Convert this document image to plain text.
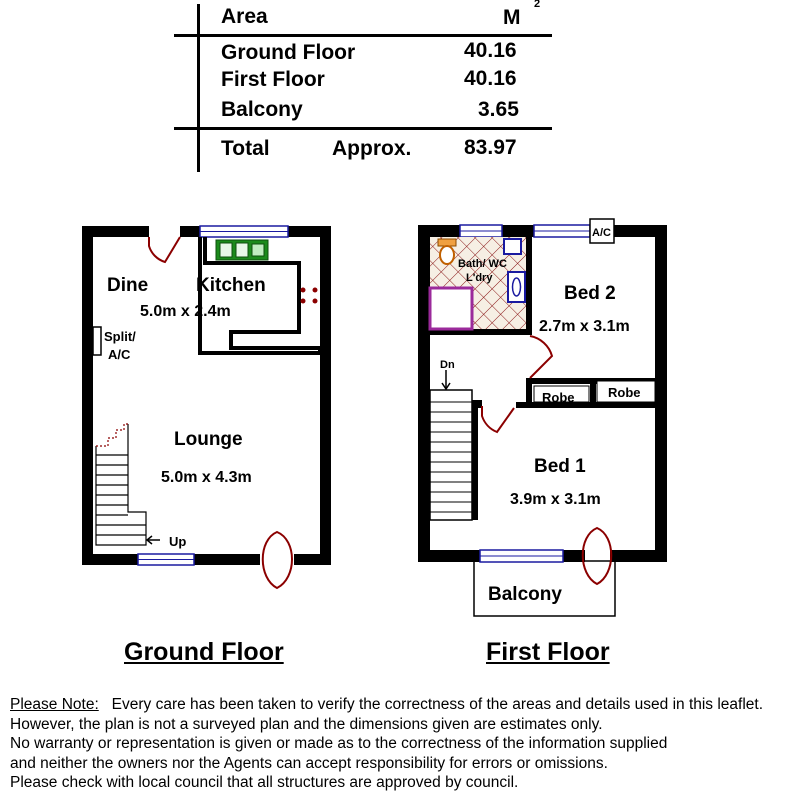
Area	M
2
Ground Floor	40.16
First Floor	40.16
Balcony	3.65
Total	Approx.	83.97
Dine	Kitchen
5.0m x 2.4m
Split/
A/C
Lounge
5.0m x 4.3m
Up
Bath/ WC
L'dry
A/C
Bed 2
2.7m x 3.1m
Dn
Robe	Robe
Bed 1
3.9m x 3.1m
Balcony
Ground Floor	First Floor
Please Note: Every care has been taken to verify the correctness of the areas and details used in this leaflet.
However, the plan is not a surveyed plan and the dimensions given are estimates only.
No warranty or representation is given or made as to the correctness of the information supplied
and neither the owners nor the Agents can accept responsibility for errors or omissions.
Please check with local council that all structures are approved by council.
